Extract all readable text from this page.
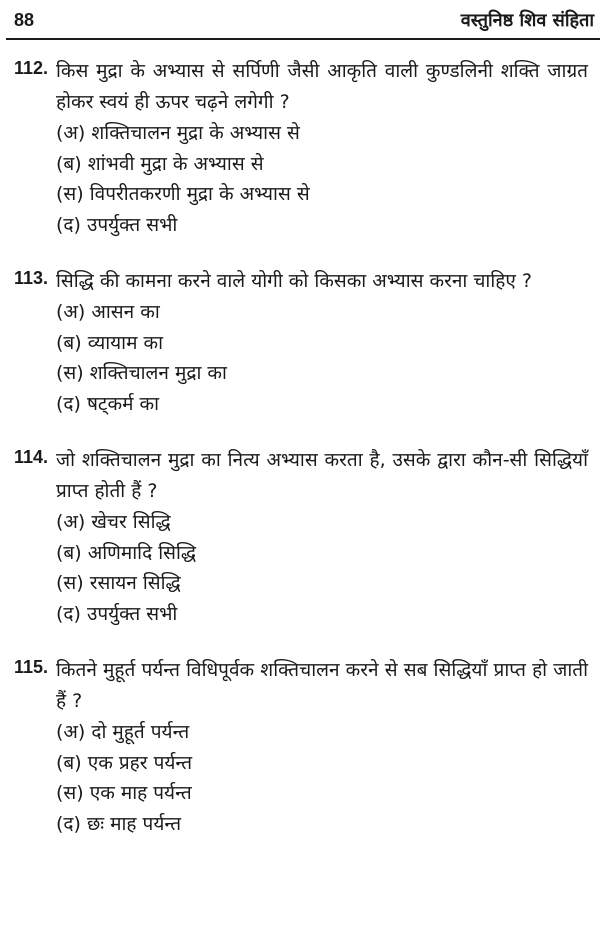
88	वस्तुनिष्ठ शिव संहिता
112. किस मुद्रा के अभ्यास से सर्पिणी जैसी आकृति वाली कुण्डलिनी शक्ति जाग्रत होकर स्वयं ही ऊपर चढ़ने लगेगी ?

(अ) शक्तिचालन मुद्रा के अभ्यास से
(ब) शांभवी मुद्रा के अभ्यास से
(स) विपरीतकरणी मुद्रा के अभ्यास से
(द) उपर्युक्त सभी
113. सिद्धि की कामना करने वाले योगी को किसका अभ्यास करना चाहिए ?

(अ) आसन का
(ब) व्यायाम का
(स) शक्तिचालन मुद्रा का
(द) षट्कर्म का
114. जो शक्तिचालन मुद्रा का नित्य अभ्यास करता है, उसके द्वारा कौन-सी सिद्धियाँ प्राप्त होती हैं ?

(अ) खेचर सिद्धि
(ब) अणिमादि सिद्धि
(स) रसायन सिद्धि
(द) उपर्युक्त सभी
115. कितने मुहूर्त पर्यन्त विधिपूर्वक शक्तिचालन करने से सब सिद्धियाँ प्राप्त हो जाती हैं ?

(अ) दो मुहूर्त पर्यन्त
(ब) एक प्रहर पर्यन्त
(स) एक माह पर्यन्त
(द) छः माह पर्यन्त
